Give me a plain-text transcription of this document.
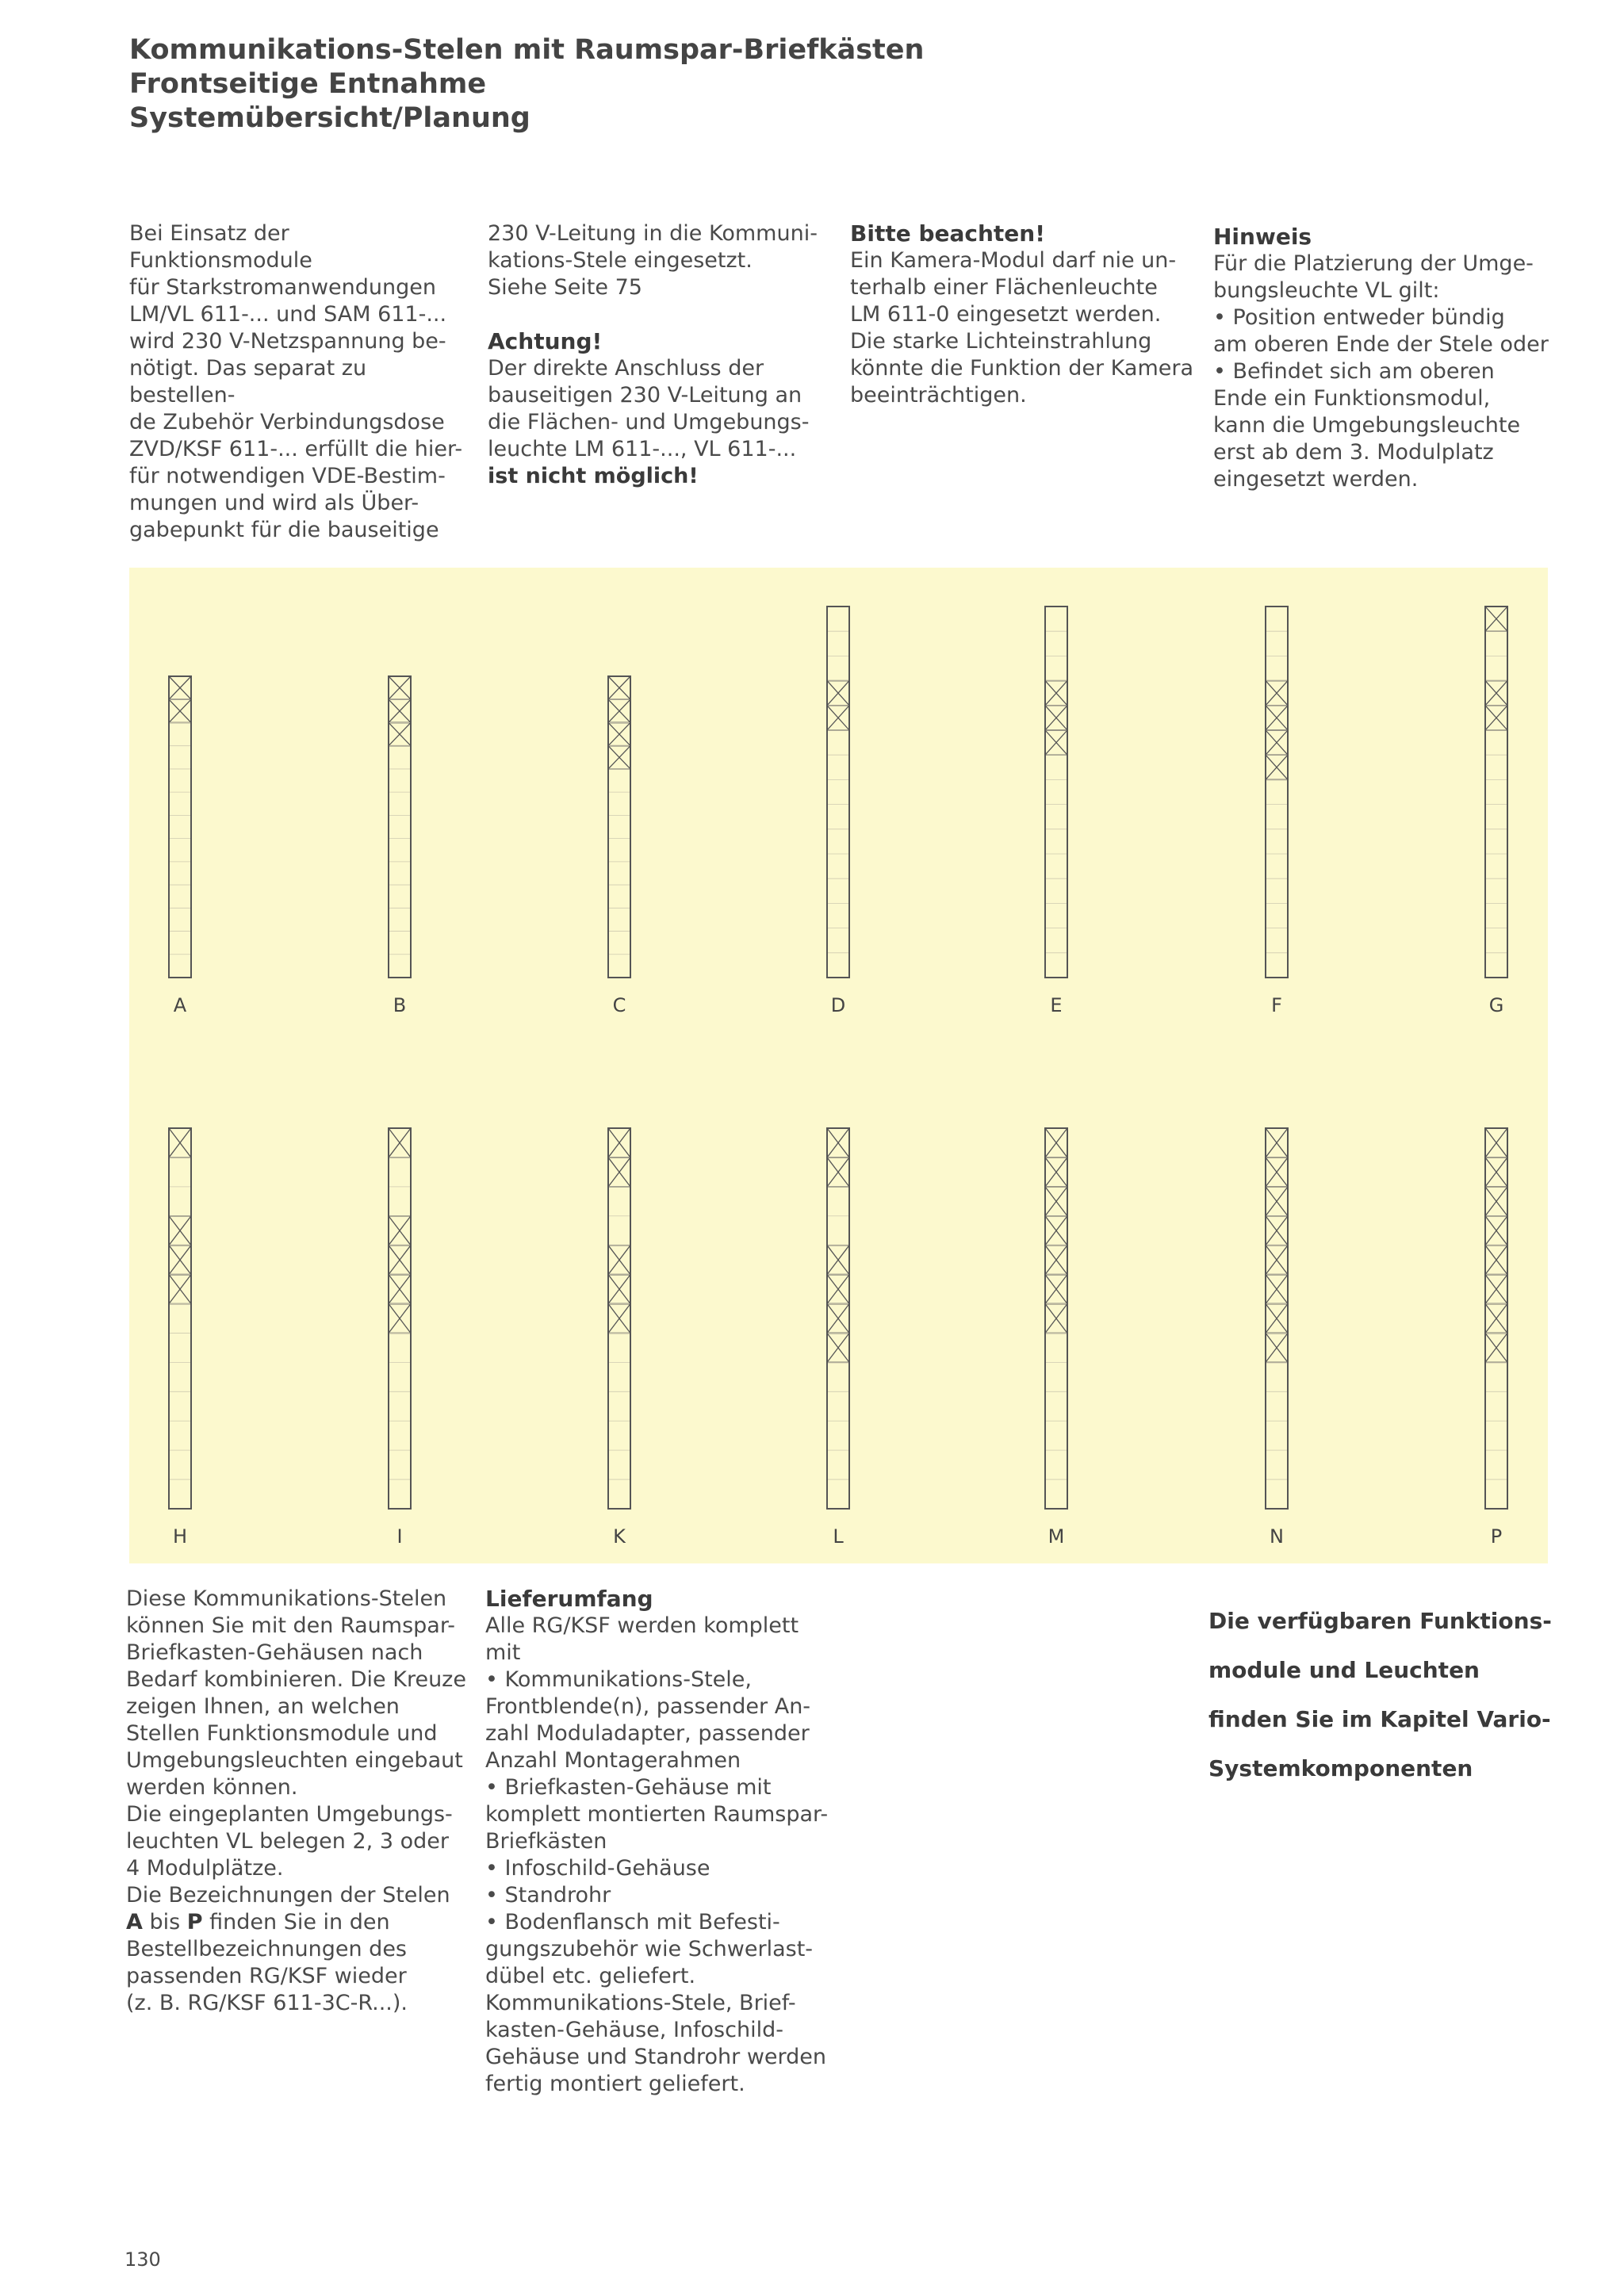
Kommunikations-Stelen mit Raumspar-Briefkästen
Frontseitige Entnahme
Systemübersicht/Planung

Bei Einsatz der Funktionsmodule

für Starkstromanwendungen

LM/VL 611-... und SAM 611-...

wird 230 V-Netzspannung be-

nötigt. Das separat zu bestellen-

de Zubehör Verbindungsdose

ZVD/KSF 611-... erfüllt die hier-

für notwendigen VDE-Bestim-

mungen und wird als Über-

gabepunkt für die bauseitige

230 V-Leitung in die Kommuni-

kations-Stele eingesetzt.

Siehe Seite 75

Achtung!

Der direkte Anschluss der

bauseitigen 230 V-Leitung an

die Flächen- und Umgebungs-

leuchte LM 611-..., VL 611-...

ist nicht möglich!

Bitte beachten!

Ein Kamera-Modul darf nie un-

terhalb einer Flächenleuchte

LM 611-0 eingesetzt werden.

Die starke Lichteinstrahlung

könnte die Funktion der Kamera

beeinträchtigen.

Hinweis

Für die Platzierung der Umge-

bungsleuchte VL gilt:

• Position entweder bündig

am oberen Ende der Stele oder

• Befindet sich am oberen

Ende ein Funktionsmodul,

kann die Umgebungsleuchte

erst ab dem 3. Modulplatz

eingesetzt werden.

A	B	C	D	E	F	G
H	I	K	L	M	N	P

Diese Kommunikations-Stelen

können Sie mit den Raumspar-

Briefkasten-Gehäusen nach

Bedarf kombinieren. Die Kreuze

zeigen Ihnen, an welchen

Stellen Funktionsmodule und

Umgebungsleuchten eingebaut

werden können.

Die eingeplanten Umgebungs-

leuchten VL belegen 2, 3 oder

4 Modulplätze.

Die Bezeichnungen der Stelen

A bis P finden Sie in den

Bestellbezeichnungen des

passenden RG/KSF wieder

(z. B. RG/KSF 611-3C-R...).

Lieferumfang

Alle RG/KSF werden komplett

mit

• Kommunikations-Stele,

Frontblende(n), passender An-

zahl Moduladapter, passender

Anzahl Montagerahmen

• Briefkasten-Gehäuse mit

komplett montierten Raumspar-

Briefkästen

• Infoschild-Gehäuse

• Standrohr

• Bodenflansch mit Befesti-

gungszubehör wie Schwerlast-

dübel etc. geliefert.

Kommunikations-Stele, Brief-

kasten-Gehäuse, Infoschild-

Gehäuse und Standrohr werden

fertig montiert geliefert.

Die verfügbaren Funktions-

module und Leuchten

finden Sie im Kapitel Vario-

Systemkomponenten

130
